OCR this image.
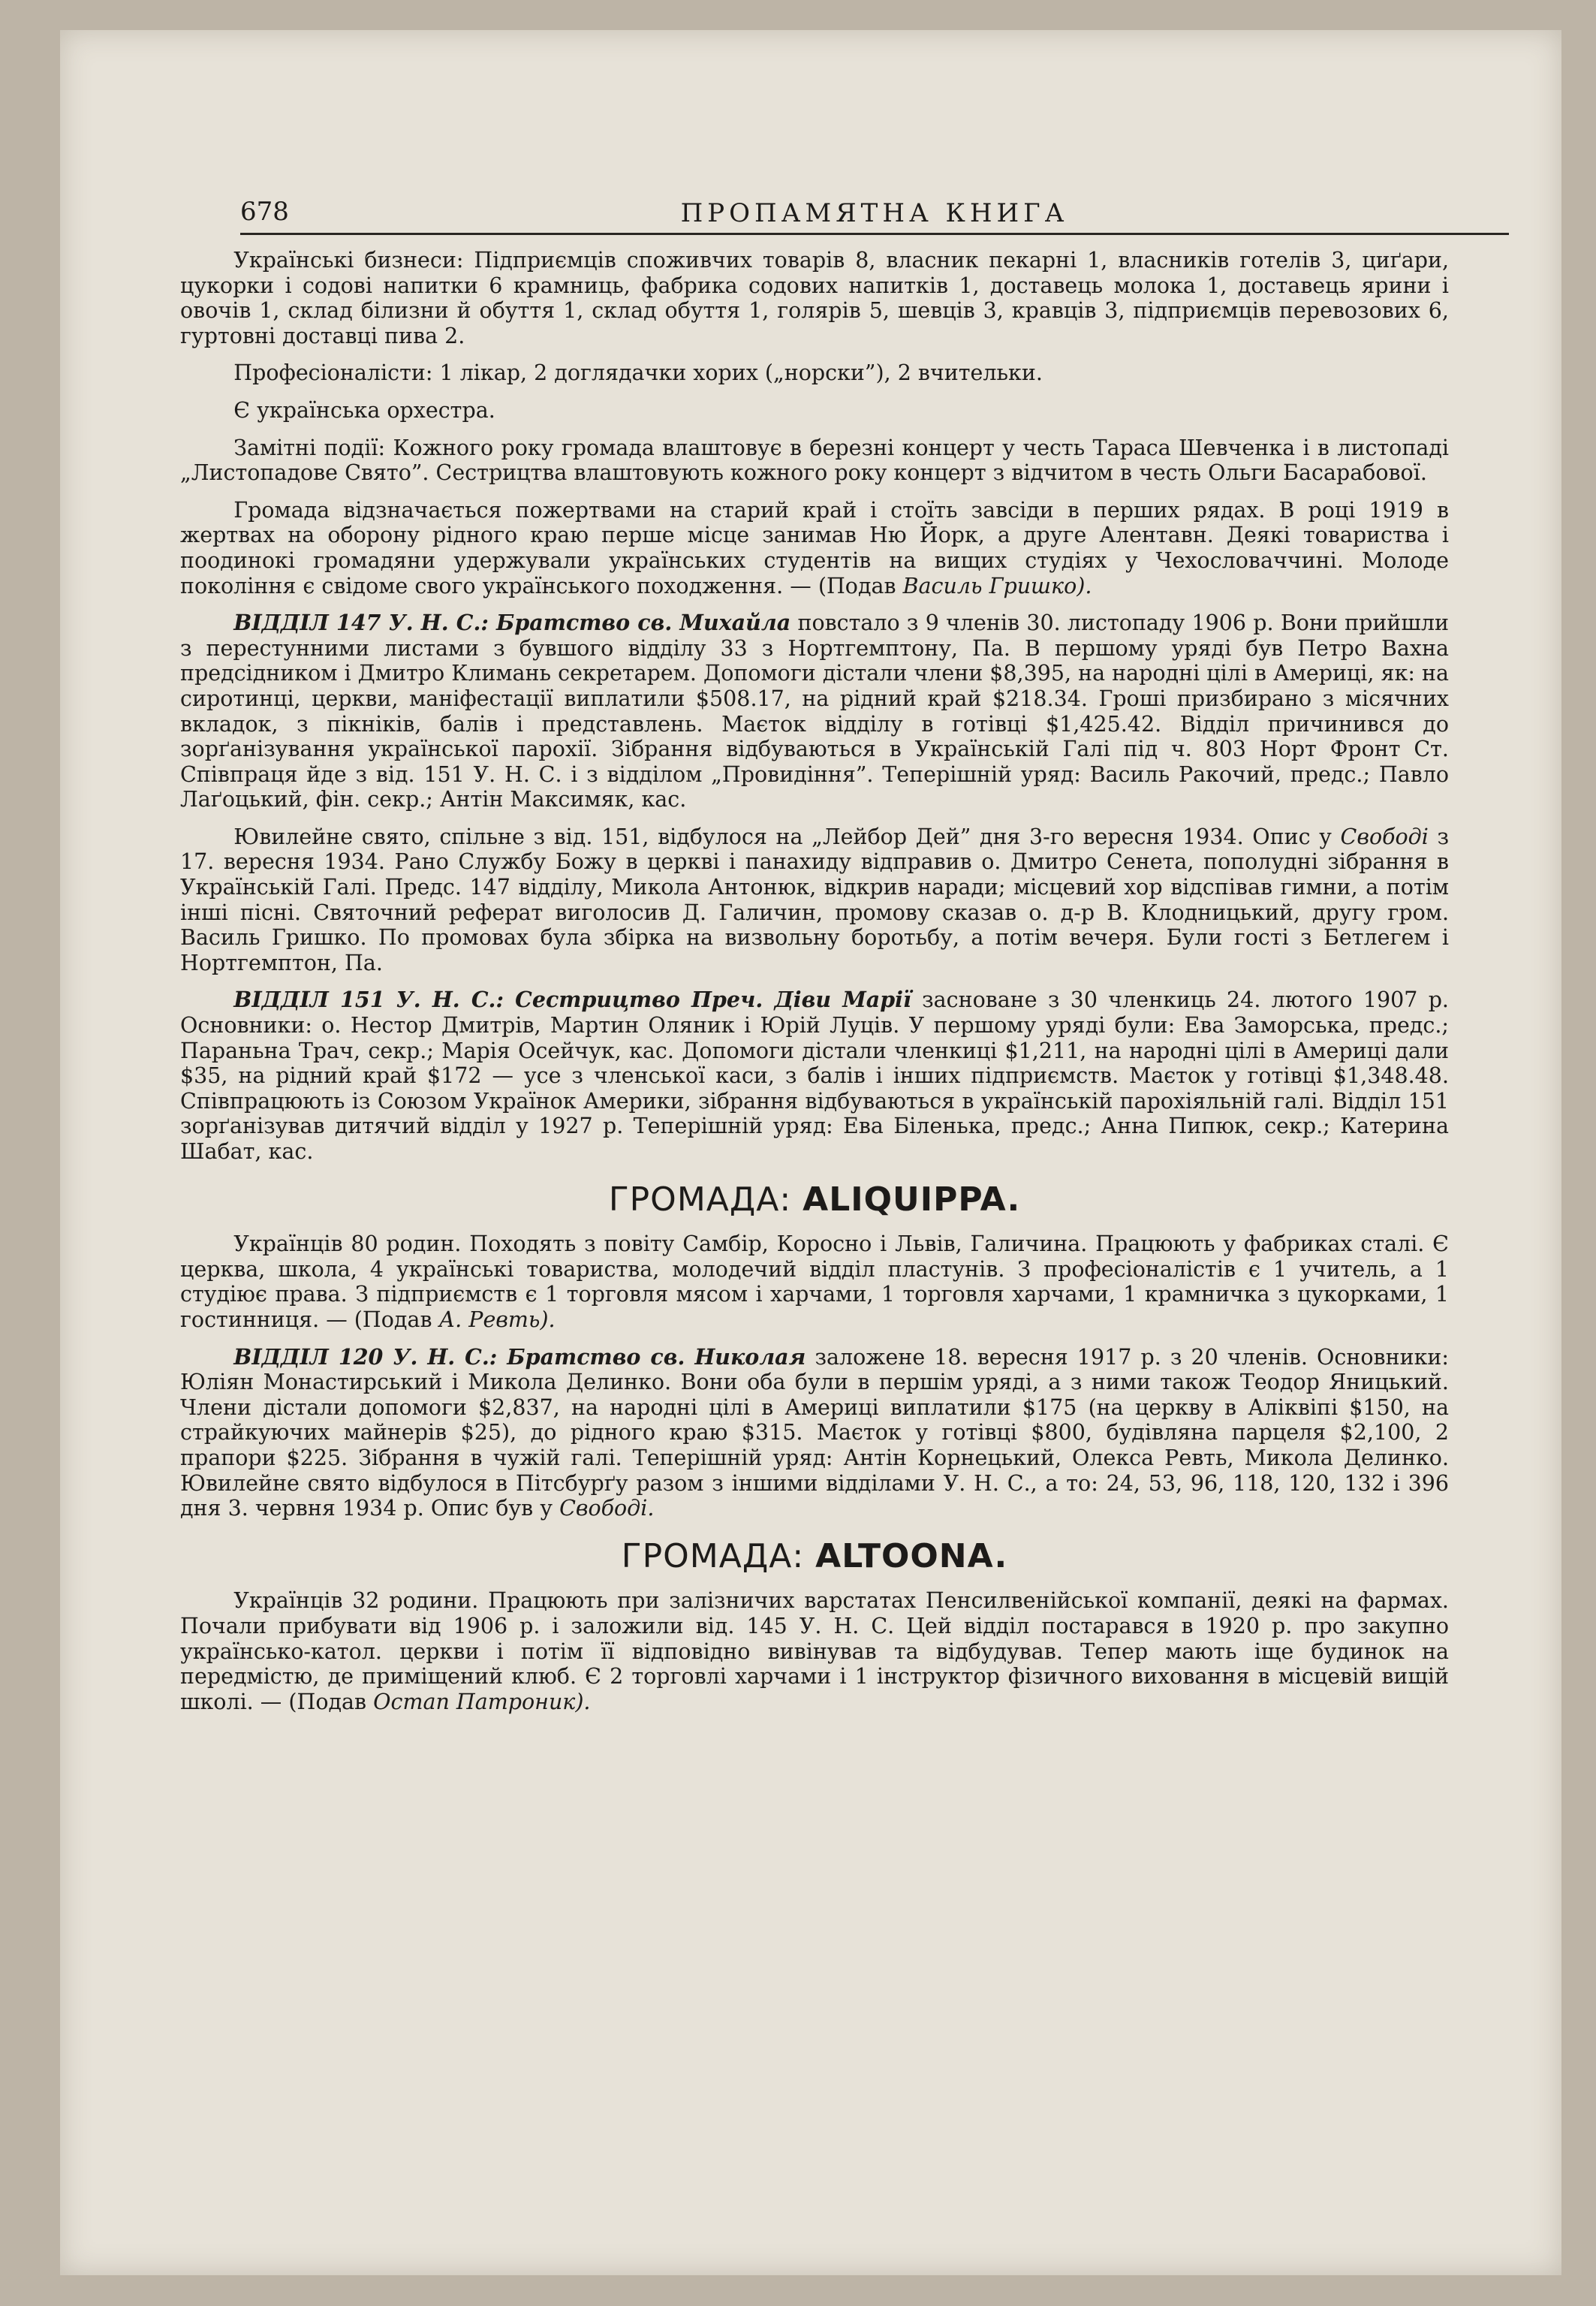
678	ПРОПАМЯТНА КНИГА

Українські бизнеси: Підприємців споживчих товарів 8, власник пекарні 1, власників готелів 3, циґари, цукорки і содові напитки 6 крамниць, фабрика содових напитків 1, доставець молока 1, доставець ярини і овочів 1, склад білизни й обуття 1, склад обуття 1, голярів 5, шевців 3, кравців 3, підприємців перевозових 6, гуртовні доставці пива 2.

Професіоналісти: 1 лікар, 2 доглядачки хорих („норски”), 2 вчительки.

Є українська орхестра.

Замітні події: Кожного року громада влаштовує в березні концерт у честь Тараса Шевченка і в листопаді „Листопадове Свято”. Сестрицтва влаштовують кожного року концерт з відчитом в честь Ольги Басарабової.

Громада відзначається пожертвами на старий край і стоїть завсіди в перших рядах. В році 1919 в жертвах на оборону рідного краю перше місце занимав Ню Йорк, а друге Алентавн. Деякі товариства і поодинокі громадяни удержували українських студентів на вищих студіях у Чехословаччині. Молоде покоління є свідоме свого українського походження. — (Подав Василь Гришко).

ВІДДІЛ 147 У. Н. С.: Братство св. Михайла повстало з 9 членів 30. листопаду 1906 р. Вони прийшли з перестунними листами з бувшого відділу 33 з Нортгемптону, Па. В першому уряді був Петро Вахна предсідником і Дмитро Климань секретарем. Допомоги дістали члени $8,395, на народні цілі в Америці, як: на сиротинці, церкви, маніфестації виплатили $508.17, на рідний край $218.34. Гроші призбирано з місячних вкладок, з пікніків, балів і представлень. Маєток відділу в готівці $1,425.42. Відділ причинився до зорґанізування української парохії. Зібрання відбуваються в Українській Галі під ч. 803 Норт Фронт Ст. Співпраця йде з від. 151 У. Н. С. і з відділом „Провидіння”. Теперішній уряд: Василь Ракочий, предс.; Павло Лаґоцький, фін. секр.; Антін Максимяк, кас.

Ювилейне свято, спільне з від. 151, відбулося на „Лейбор Дей” дня 3-го вересня 1934. Опис у Свободі з 17. вересня 1934. Рано Службу Божу в церкві і панахиду відправив о. Дмитро Сенета, пополудні зібрання в Українській Галі. Предс. 147 відділу, Микола Антонюк, відкрив наради; місцевий хор відспівав гимни, а потім інші пісні. Святочний реферат виголосив Д. Галичин, промову сказав о. д-р В. Клодницький, другу гром. Василь Гришко. По промовах була збірка на визвольну боротьбу, а потім вечеря. Були гості з Бетлегем і Нортгемптон, Па.

ВІДДІЛ 151 У. Н. С.: Сестрицтво Преч. Діви Марії засноване з 30 членкиць 24. лютого 1907 р. Основники: о. Нестор Дмитрів, Мартин Оляник і Юрій Луців. У першому уряді були: Ева Заморська, предс.; Параньна Трач, секр.; Марія Осейчук, кас. Допомоги дістали членкиці $1,211, на народні цілі в Америці дали $35, на рідний край $172 — усе з членської каси, з балів і інших підприємств. Маєток у готівці $1,348.48. Співпрацюють із Союзом Українок Америки, зібрання відбуваються в українській парохіяльній галі. Відділ 151 зорґанізував дитячий відділ у 1927 р. Теперішній уряд: Ева Біленька, предс.; Анна Пипюк, секр.; Катерина Шабат, кас.

ГРОМАДА: ALIQUIPPA.

Українців 80 родин. Походять з повіту Самбір, Коросно і Львів, Галичина. Працюють у фабриках сталі. Є церква, школа, 4 українські товариства, молодечий відділ пластунів. З професіоналістів є 1 учитель, а 1 студіює права. З підприємств є 1 торговля мясом і харчами, 1 торговля харчами, 1 крамничка з цукорками, 1 гостинниця. — (Подав А. Ревть).

ВІДДІЛ 120 У. Н. С.: Братство св. Николая заложене 18. вересня 1917 р. з 20 членів. Основники: Юліян Монастирський і Микола Делинко. Вони оба були в першім уряді, а з ними також Теодор Яницький. Члени дістали допомоги $2,837, на народні цілі в Америці виплатили $175 (на церкву в Аліквіпі $150, на страйкуючих майнерів $25), до рідного краю $315. Маєток у готівці $800, будівляна парцеля $2,100, 2 прапори $225. Зібрання в чужій галі. Теперішній уряд: Антін Корнецький, Олекса Ревть, Микола Делинко. Ювилейне свято відбулося в Пітсбурґу разом з іншими відділами У. Н. С., а то: 24, 53, 96, 118, 120, 132 і 396 дня 3. червня 1934 р. Опис був у Свободі.

ГРОМАДА: ALTOONA.

Українців 32 родини. Працюють при залізничих варстатах Пенсилвенійської компанії, деякі на фармах. Почали прибувати від 1906 р. і заложили від. 145 У. Н. С. Цей відділ постарався в 1920 р. про закупно українсько-катол. церкви і потім її відповідно вивінував та відбудував. Тепер мають іще будинок на передмістю, де приміщений клюб. Є 2 торговлі харчами і 1 інструктор фізичного виховання в місцевій вищій школі. — (Подав Остап Патроник).
